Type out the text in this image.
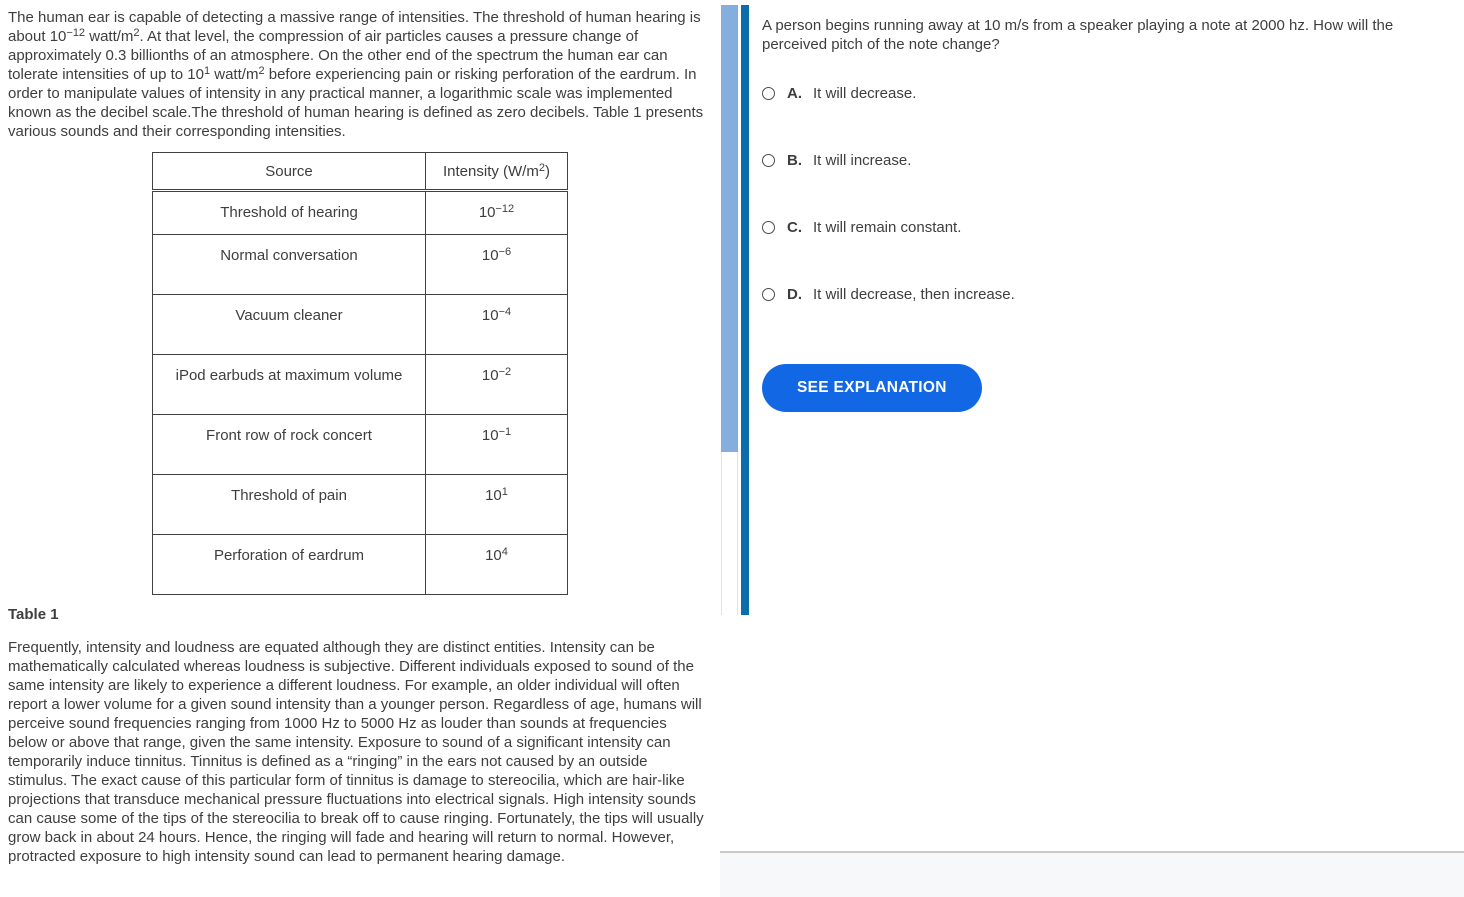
The human ear is capable of detecting a massive range of intensities. The threshold of human hearing is about $10^{-12}$ watt/$m^2$. At that level, the compression of air particles causes a pressure change of approximately 0.3 billionths of an atmosphere. On the other end of the spectrum the human ear can tolerate intensities of up to $10^1$ watt/$m^2$ before experiencing pain or risking perforation of the eardrum. In order to manipulate values of intensity in any practical manner, a logarithmic scale was implemented known as the decibel scale.The threshold of human hearing is defined as zero decibels. Table 1 presents various sounds and their corresponding intensities.

Source	Intensity $(W/m^2)$
Threshold of hearing	$10^{-12}$
Normal conversation	$10^{-6}$
Vacuum cleaner	$10^{-4}$
iPod earbuds at maximum volume	$10^{-2}$
Front row of rock concert	$10^{-1}$
Threshold of pain	$10^1$
Perforation of eardrum	$10^4$
Table 1

Frequently, intensity and loudness are equated although they are distinct entities. Intensity can be mathematically calculated whereas loudness is subjective. Different individuals exposed to sound of the same intensity are likely to experience a different loudness. For example, an older individual will often report a lower volume for a given sound intensity than a younger person. Regardless of age, humans will perceive sound frequencies ranging from 1000 Hz to 5000 Hz as louder than sounds at frequencies below or above that range, given the same intensity. Exposure to sound of a significant intensity can temporarily induce tinnitus. Tinnitus is defined as a “ringing” in the ears not caused by an outside stimulus. The exact cause of this particular form of tinnitus is damage to stereocilia, which are hair-like projections that transduce mechanical pressure fluctuations into electrical signals. High intensity sounds can cause some of the tips of the stereocilia to break off to cause ringing. Fortunately, the tips will usually grow back in about 24 hours. Hence, the ringing will fade and hearing will return to normal. However, protracted exposure to high intensity sound can lead to permanent hearing damage.

A person begins running away at 10 m/s from a speaker playing a note at 2000 hz. How will the perceived pitch of the note change?

A. It will decrease.
B. It will increase.
C. It will remain constant.
D. It will decrease, then increase.
SEE EXPLANATION
